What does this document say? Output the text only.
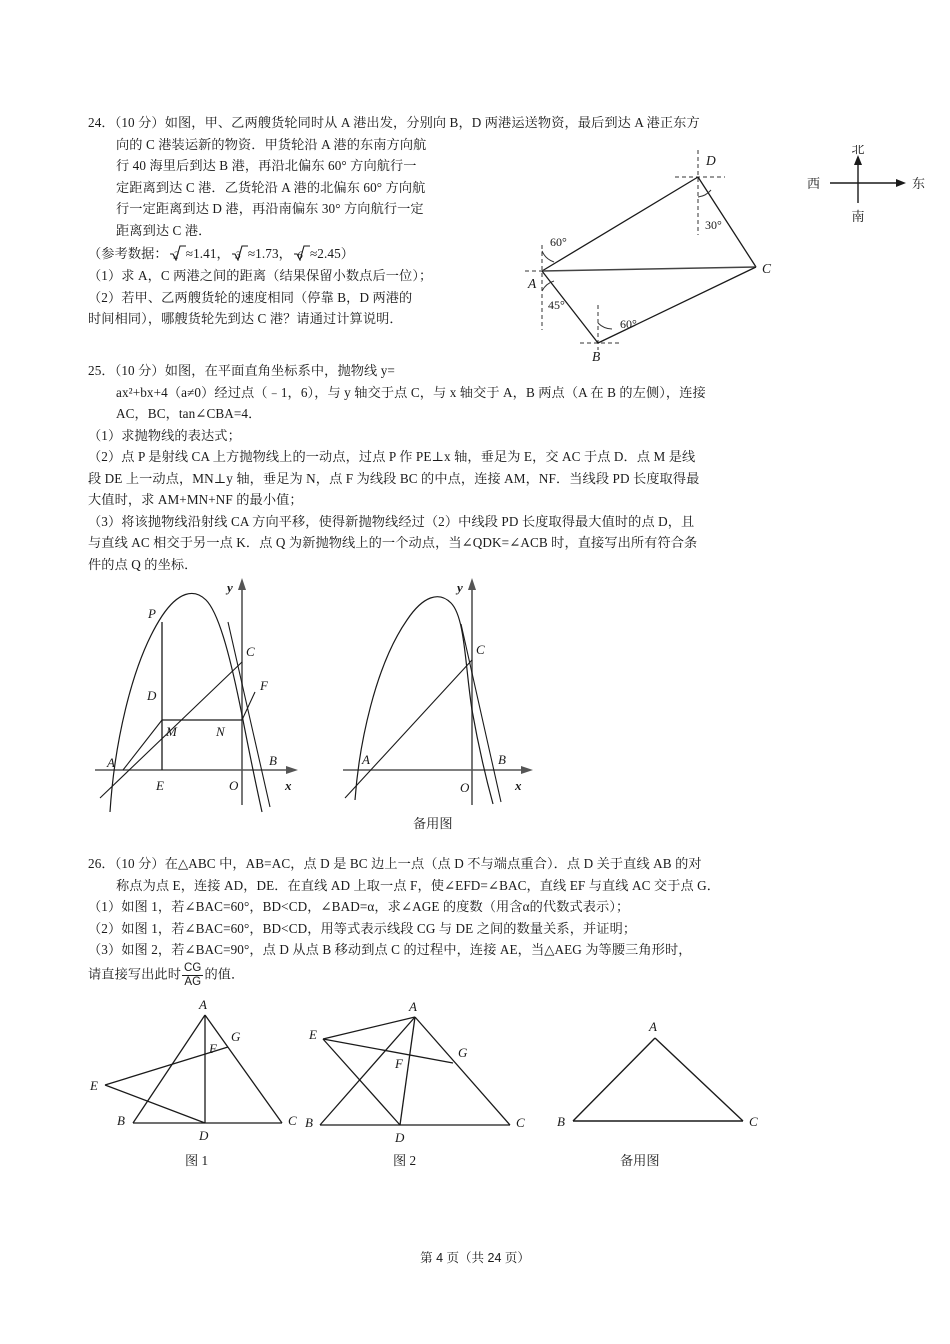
24．（10 分）如图，甲、乙两艘货轮同时从 A 港出发，分别向 B，D 两港运送物资，最后到达 A 港正东方
向的 C 港装运新的物资．甲货轮沿 A 港的东南方向航
行 40 海里后到达 B 港，再沿北偏东 60° 方向航行一
定距离到达 C 港．乙货轮沿 A 港的北偏东 60° 方向航
行一定距离到达 D 港，再沿南偏东 30° 方向航行一定
距离到达 C 港．
（参考数据： 2 ≈1.41， 3 ≈1.73， 6 ≈2.45）
（1）求 A，C 两港之间的距离（结果保留小数点后一位）；
（2）若甲、乙两艘货轮的速度相同（停靠 B，D 两港的
时间相同），哪艘货轮先到达 C 港？请通过计算说明．
A
B
C
D
60°
45°
30°
60°
北
西	东
南
25．（10 分）如图，在平面直角坐标系中，抛物线 y=
ax²+bx+4（a≠0）经过点（﹣1，6），与 y 轴交于点 C，与 x 轴交于 A，B 两点（A 在 B 的左侧），连接
AC，BC，tan∠CBA=4．
（1）求抛物线的表达式；
（2）点 P 是射线 CA 上方抛物线上的一动点，过点 P 作 PE⊥x 轴，垂足为 E，交 AC 于点 D．点 M 是线
段 DE 上一动点，MN⊥y 轴，垂足为 N，点 F 为线段 BC 的中点，连接 AM，NF．当线段 PD 长度取得最
大值时，求 AM+MN+NF 的最小值；
（3）将该抛物线沿射线 CA 方向平移，使得新抛物线经过（2）中线段 PD 长度取得最大值时的点 D，且
与直线 AC 相交于另一点 K．点 Q 为新抛物线上的一个动点，当∠QDK=∠ACB 时，直接写出所有符合条
件的点 Q 的坐标．
P
C
D
F
A
M	N
B
E	O	x
y
C
A	B
O	x
y
备用图
26．（10 分）在△ABC 中，AB=AC，点 D 是 BC 边上一点（点 D 不与端点重合）．点 D 关于直线 AB 的对
称点为点 E，连接 AD，DE．在直线 AD 上取一点 F，使∠EFD=∠BAC，直线 EF 与直线 AC 交于点 G．
（1）如图 1，若∠BAC=60°，BD<CD，∠BAD=α，求∠AGE 的度数（用含α的代数式表示）；
（2）如图 1，若∠BAC=60°，BD<CD，用等式表示线段 CG 与 DE 之间的数量关系，并证明；
（3）如图 2，若∠BAC=90°，点 D 从点 B 移动到点 C 的过程中，连接 AE，当△AEG 为等腰三角形时，
请直接写出此时 $\frac{CG}{AG}$ 的值．
A
G
F
E
B
D
C
图 1
A
E
G
F
B
D
C
图 2
A
B	C
备用图
第 4 页（共 24 页）
